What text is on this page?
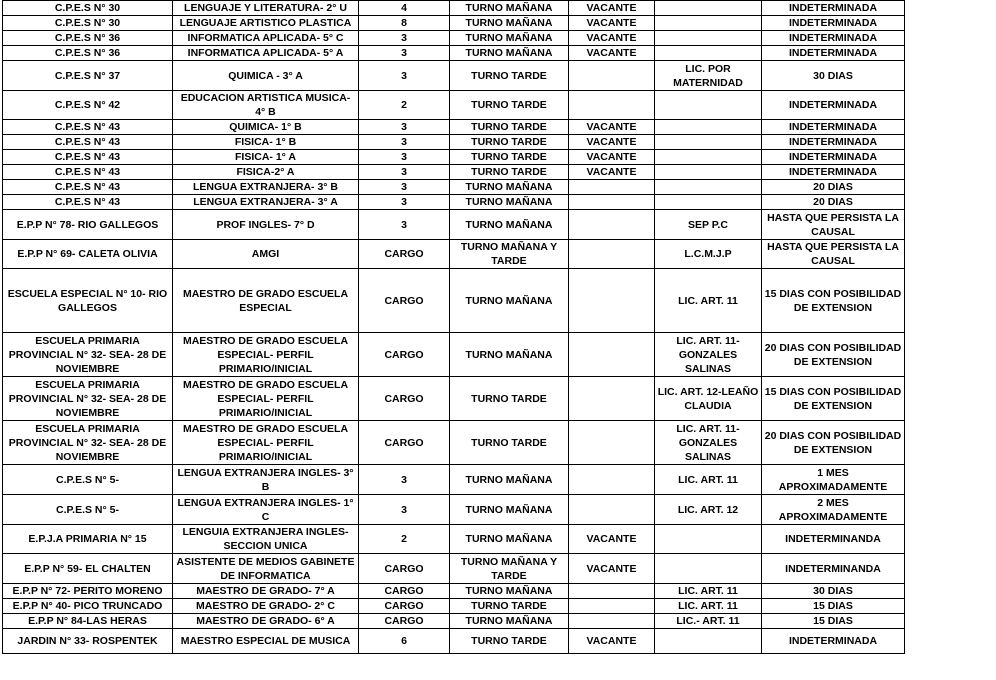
C.P.E.S N° 30	LENGUAJE Y LITERATURA- 2° U	4	TURNO MAÑANA	VACANTE		INDETERMINADA
C.P.E.S N° 30	LENGUAJE ARTISTICO PLASTICA	8	TURNO MAÑANA	VACANTE		INDETERMINADA
C.P.E.S N° 36	INFORMATICA APLICADA- 5° C	3	TURNO MAÑANA	VACANTE		INDETERMINADA
C.P.E.S N° 36	INFORMATICA APLICADA- 5° A	3	TURNO MAÑANA	VACANTE		INDETERMINADA
C.P.E.S N° 37	QUIMICA - 3° A	3	TURNO TARDE		LIC. POR MATERNIDAD	30 DIAS
C.P.E.S N° 42	EDUCACION ARTISTICA MUSICA- 4° B	2	TURNO TARDE			INDETERMINADA
C.P.E.S N° 43	QUIMICA- 1° B	3	TURNO TARDE	VACANTE		INDETERMINADA
C.P.E.S N° 43	FISICA- 1° B	3	TURNO TARDE	VACANTE		INDETERMINADA
C.P.E.S N° 43	FISICA- 1° A	3	TURNO TARDE	VACANTE		INDETERMINADA
C.P.E.S N° 43	FISICA-2° A	3	TURNO TARDE	VACANTE		INDETERMINADA
C.P.E.S N° 43	LENGUA EXTRANJERA- 3° B	3	TURNO MAÑANA			20 DIAS
C.P.E.S N° 43	LENGUA EXTRANJERA- 3° A	3	TURNO MAÑANA			20 DIAS
E.P.P N° 78- RIO GALLEGOS	PROF INGLES- 7° D	3	TURNO MAÑANA		SEP P.C	HASTA QUE PERSISTA LA CAUSAL
E.P.P N° 69- CALETA OLIVIA	AMGI	CARGO	TURNO MAÑANA Y TARDE		L.C.M.J.P	HASTA QUE PERSISTA LA CAUSAL
ESCUELA ESPECIAL N° 10- RIO GALLEGOS	MAESTRO DE GRADO ESCUELA ESPECIAL	CARGO	TURNO MAÑANA		LIC. ART. 11	15 DIAS CON POSIBILIDAD DE EXTENSION
ESCUELA PRIMARIA PROVINCIAL N° 32- SEA- 28 DE NOVIEMBRE	MAESTRO DE GRADO ESCUELA ESPECIAL- PERFIL PRIMARIO/INICIAL	CARGO	TURNO MAÑANA		LIC. ART. 11- GONZALES SALINAS	20 DIAS CON POSIBILIDAD DE EXTENSION
ESCUELA PRIMARIA PROVINCIAL N° 32- SEA- 28 DE NOVIEMBRE	MAESTRO DE GRADO ESCUELA ESPECIAL- PERFIL PRIMARIO/INICIAL	CARGO	TURNO TARDE		LIC. ART. 12-LEAÑO CLAUDIA	15 DIAS CON POSIBILIDAD DE EXTENSION
ESCUELA PRIMARIA PROVINCIAL N° 32- SEA- 28 DE NOVIEMBRE	MAESTRO DE GRADO ESCUELA ESPECIAL- PERFIL PRIMARIO/INICIAL	CARGO	TURNO TARDE		LIC. ART. 11- GONZALES SALINAS	20 DIAS CON POSIBILIDAD DE EXTENSION
C.P.E.S N° 5-	LENGUA EXTRANJERA INGLES- 3° B	3	TURNO MAÑANA		LIC. ART. 11	1 MES APROXIMADAMENTE
C.P.E.S N° 5-	LENGUA EXTRANJERA INGLES- 1° C	3	TURNO MAÑANA		LIC. ART. 12	2 MES APROXIMADAMENTE
E.P.J.A PRIMARIA N° 15	LENGUIA EXTRANJERA INGLES- SECCION UNICA	2	TURNO MAÑANA	VACANTE		INDETERMINANDA
E.P.P N° 59- EL CHALTEN	ASISTENTE DE MEDIOS GABINETE DE INFORMATICA	CARGO	TURNO MAÑANA Y TARDE	VACANTE		INDETERMINANDA
E.P.P N° 72- PERITO MORENO	MAESTRO DE GRADO- 7° A	CARGO	TURNO MAÑANA		LIC. ART. 11	30 DIAS
E.P.P N° 40- PICO TRUNCADO	MAESTRO DE GRADO- 2° C	CARGO	TURNO TARDE		LIC. ART. 11	15 DIAS
E.P.P N° 84-LAS HERAS	MAESTRO DE GRADO- 6° A	CARGO	TURNO MAÑANA		LIC.- ART. 11	15 DIAS
JARDIN N° 33- ROSPENTEK	MAESTRO ESPECIAL DE MUSICA	6	TURNO TARDE	VACANTE		INDETERMINADA
